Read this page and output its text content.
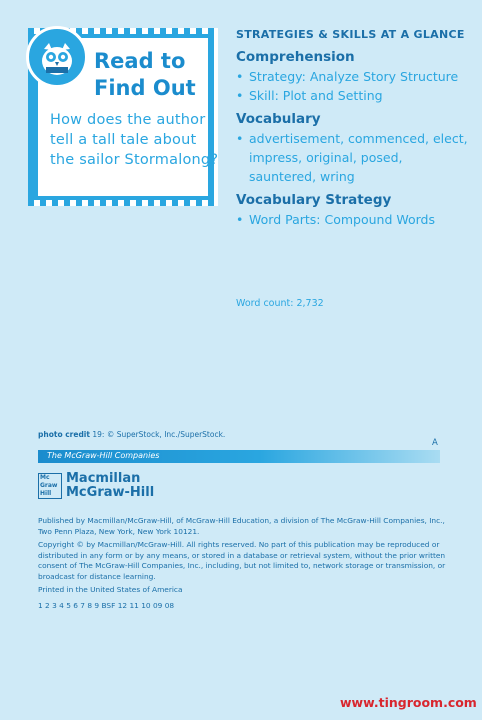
Read to Find Out
How does the author tell a tall tale about the sailor Stormalong?
STRATEGIES & SKILLS AT A GLANCE
Comprehension
• Strategy: Analyze Story Structure
• Skill: Plot and Setting
Vocabulary
• advertisement, commenced, elect, impress, original, posed, sauntered, wring
Vocabulary Strategy
• Word Parts: Compound Words
Word count: 2,732
photo credit 19: © SuperStock, Inc./SuperStock.
A
The McGraw-Hill Companies
Mc
Graw
Hill
Macmillan
McGraw-Hill
Published by Macmillan/McGraw-Hill, of McGraw-Hill Education, a division of The McGraw-Hill Companies, Inc., Two Penn Plaza, New York, New York 10121.
Copyright © by Macmillan/McGraw-Hill. All rights reserved. No part of this publication may be reproduced or distributed in any form or by any means, or stored in a database or retrieval system, without the prior written consent of The McGraw-Hill Companies, Inc., including, but not limited to, network storage or transmission, or broadcast for distance learning.
Printed in the United States of America
1 2 3 4 5 6 7 8 9 BSF 12 11 10 09 08
www.tingroom.com
